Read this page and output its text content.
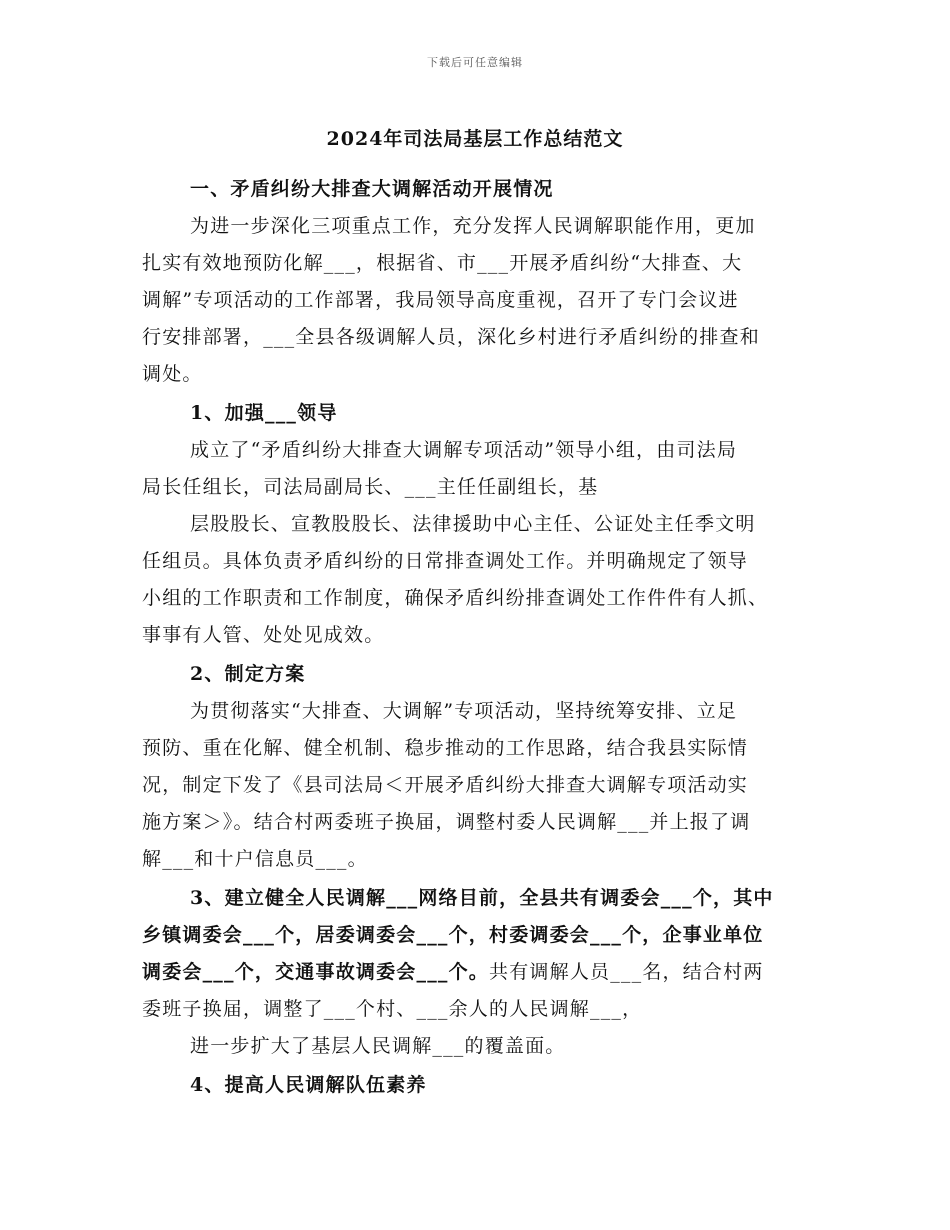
下载后可任意编辑
2024年司法局基层工作总结范文
一、矛盾纠纷大排查大调解活动开展情况
为进一步深化三项重点工作，充分发挥人民调解职能作用，更加
扎实有效地预防化解___，根据省、市___开展矛盾纠纷“大排查、大
调解”专项活动的工作部署，我局领导高度重视，召开了专门会议进
行安排部署，___全县各级调解人员，深化乡村进行矛盾纠纷的排查和
调处。
1、加强___领导
成立了“矛盾纠纷大排查大调解专项活动”领导小组，由司法局
局长任组长，司法局副局长、___主任任副组长，基
层股股长、宣教股股长、法律援助中心主任、公证处主任季文明
任组员。具体负责矛盾纠纷的日常排查调处工作。并明确规定了领导
小组的工作职责和工作制度，确保矛盾纠纷排查调处工作件件有人抓、
事事有人管、处处见成效。
2、制定方案
为贯彻落实“大排查、大调解”专项活动，坚持统筹安排、立足
预防、重在化解、健全机制、稳步推动的工作思路，结合我县实际情
况，制定下发了《县司法局＜开展矛盾纠纷大排查大调解专项活动实
施方案＞》。结合村两委班子换届，调整村委人民调解___并上报了调
解___和十户信息员___。
3、建立健全人民调解___网络目前，全县共有调委会___个，其中
乡镇调委会___个，居委调委会___个，村委调委会___个，企事业单位
调委会___个，交通事故调委会___个。共有调解人员___名，结合村两
委班子换届，调整了___个村、___余人的人民调解___，
进一步扩大了基层人民调解___的覆盖面。
4、提高人民调解队伍素养
